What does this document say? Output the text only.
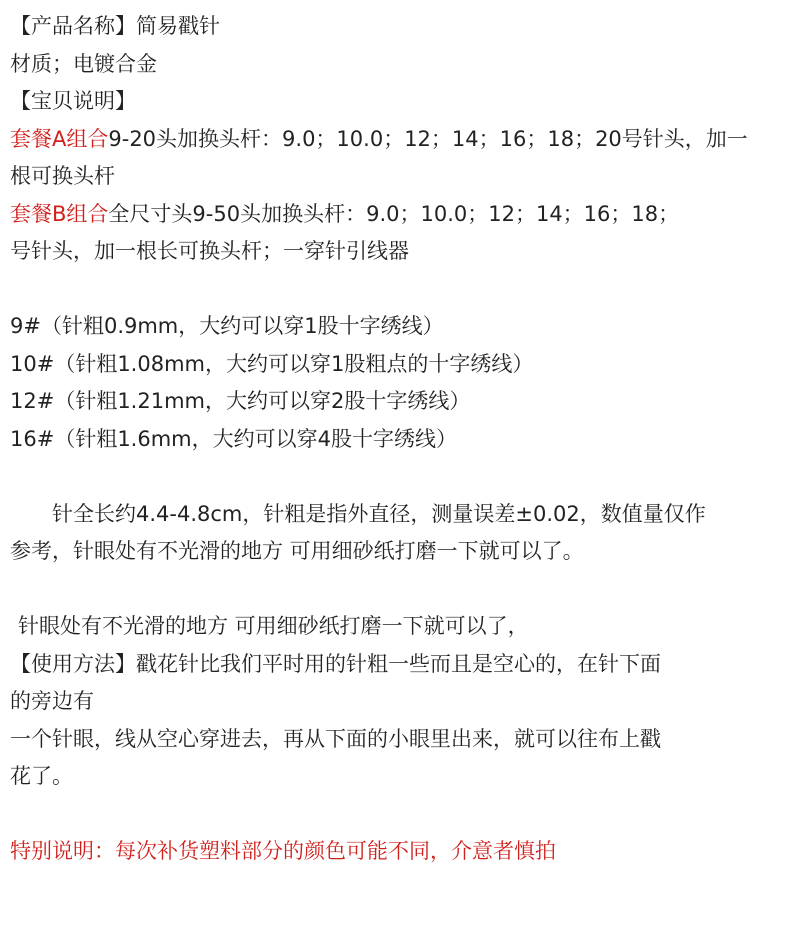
【产品名称】简易戳针
材质；电镀合金
【宝贝说明】
套餐A组合9-20头加换头杆：9.0；10.0；12；14；16；18；20号针头，加一
根可换头杆
套餐B组合全尺寸头9-50头加换头杆：9.0；10.0；12；14；16；18；
号针头，加一根长可换头杆；一穿针引线器
9#（针粗0.9mm，大约可以穿1股十字绣线）
10#（针粗1.08mm，大约可以穿1股粗点的十字绣线）
12#（针粗1.21mm，大约可以穿2股十字绣线）
16#（针粗1.6mm，大约可以穿4股十字绣线）
针全长约4.4-4.8cm，针粗是指外直径，测量误差±0.02，数值量仅作
参考，针眼处有不光滑的地方 可用细砂纸打磨一下就可以了。
针眼处有不光滑的地方 可用细砂纸打磨一下就可以了，
【使用方法】戳花针比我们平时用的针粗一些而且是空心的，在针下面
的旁边有
一个针眼，线从空心穿进去，再从下面的小眼里出来，就可以往布上戳
花了。
特别说明：每次补货塑料部分的颜色可能不同，介意者慎拍
